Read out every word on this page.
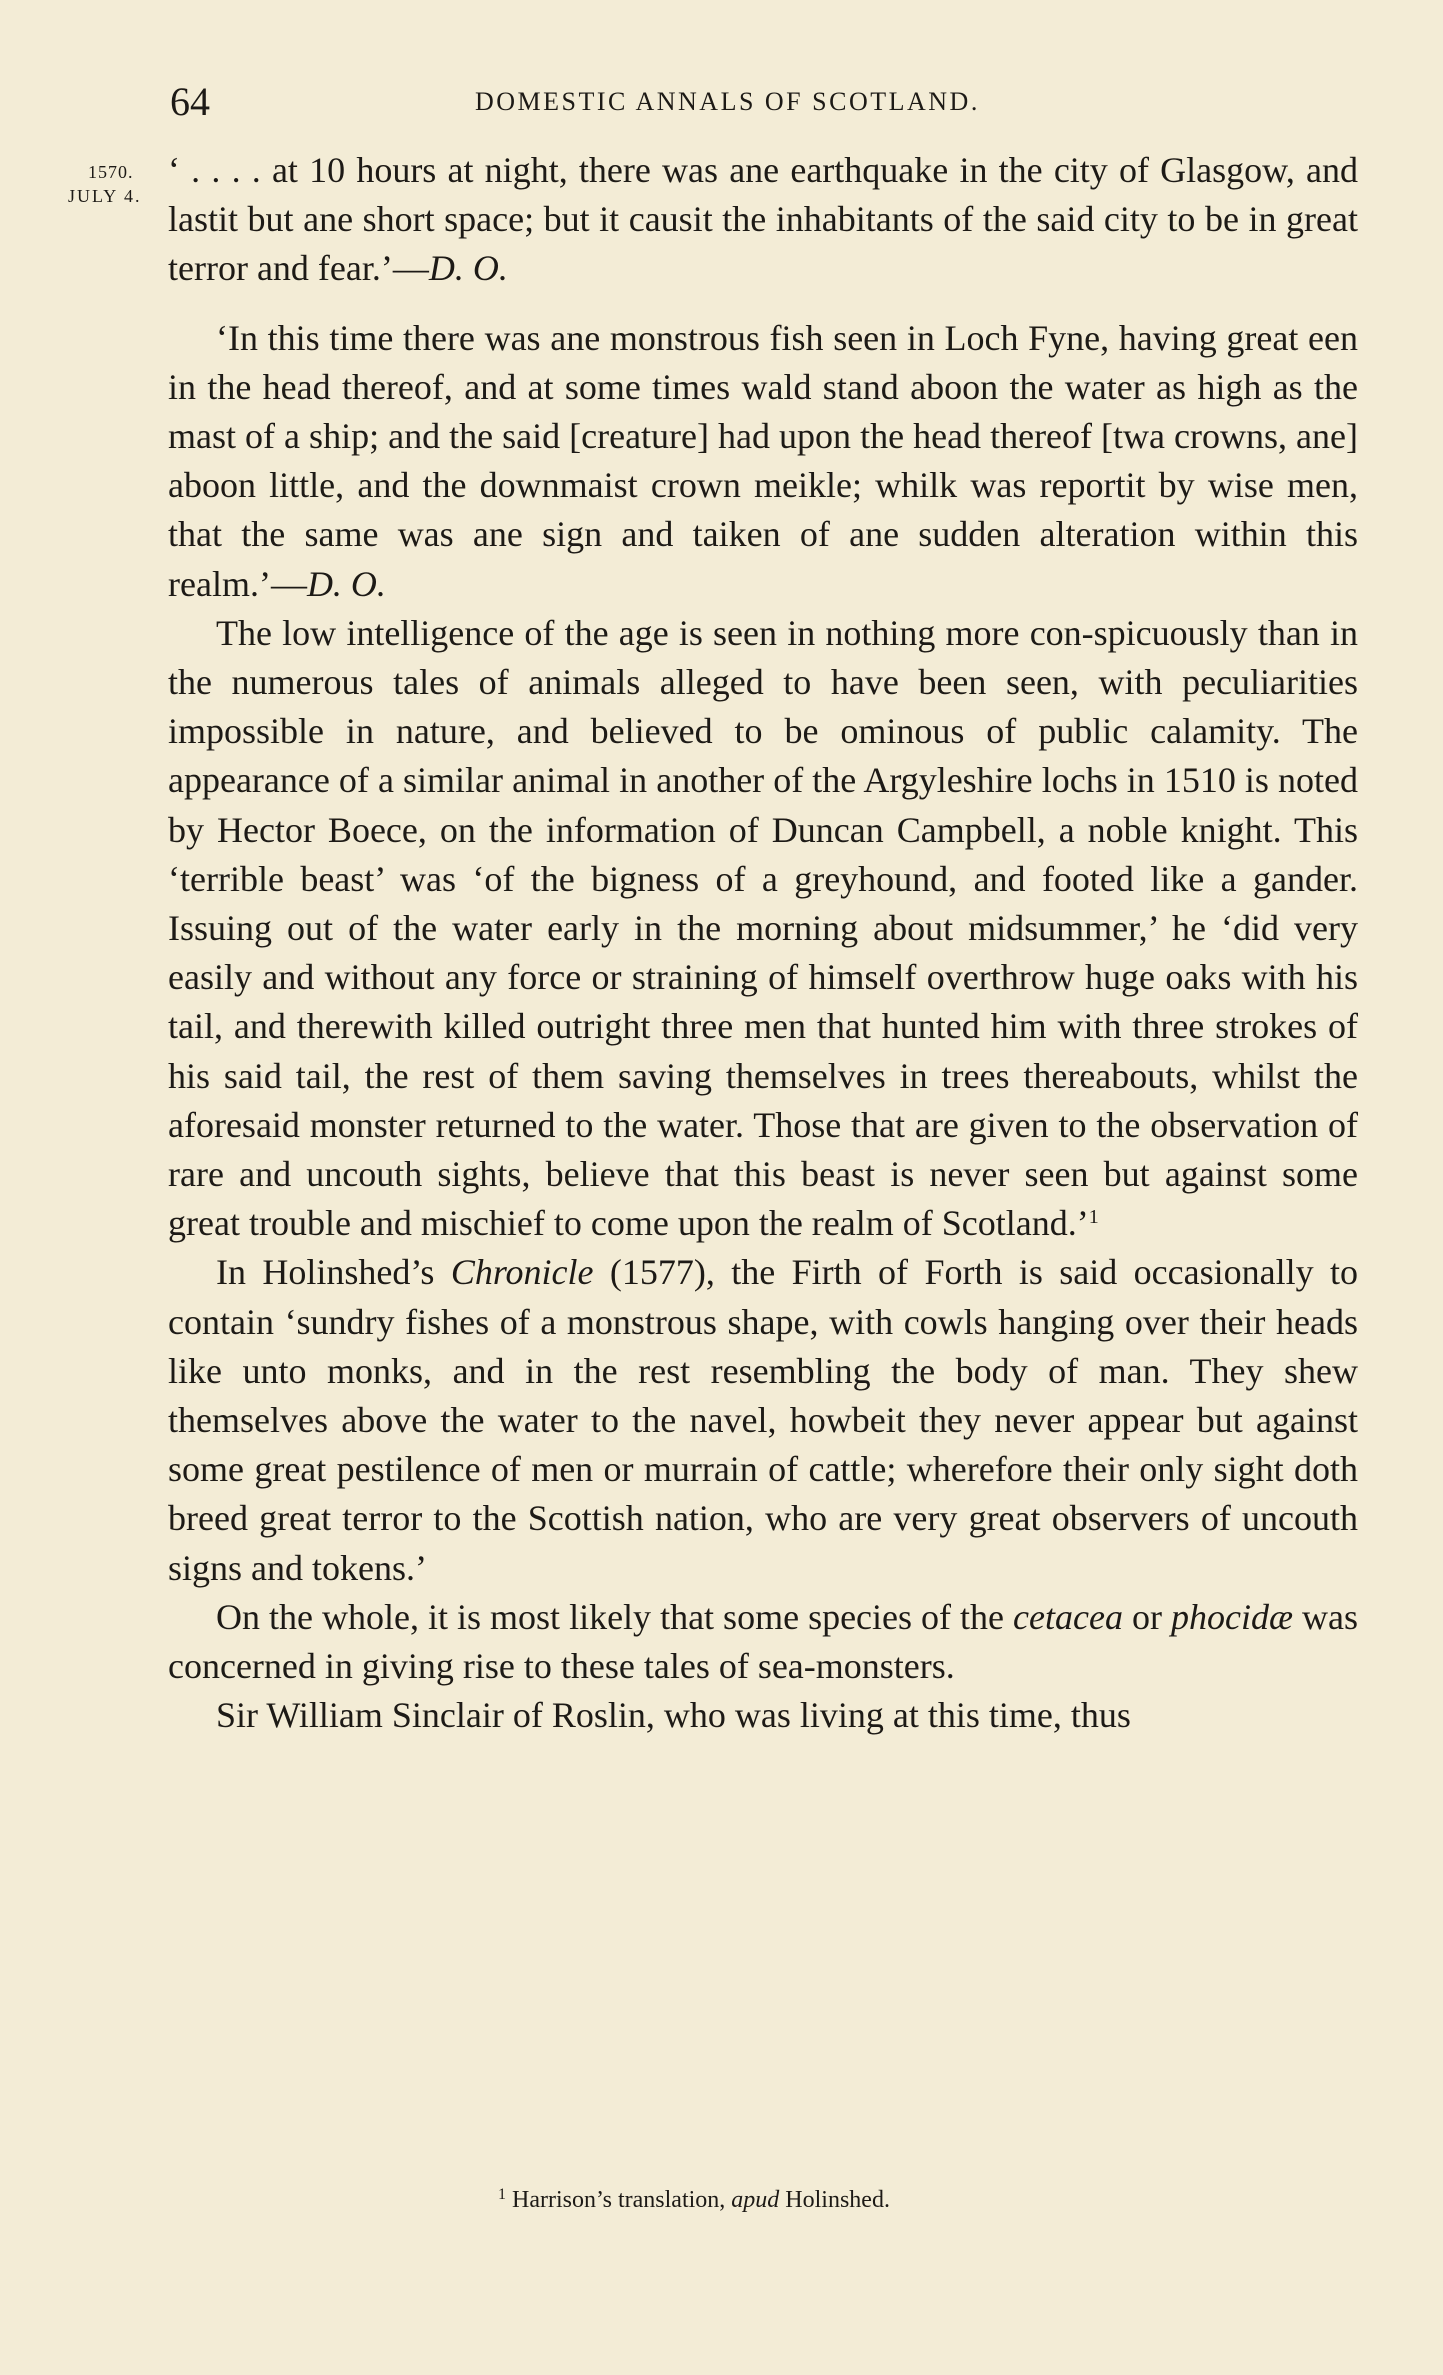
64	DOMESTIC ANNALS OF SCOTLAND.
1570.
JULY 4.

‘ . . . . at 10 hours at night, there was ane earthquake in the city of Glasgow, and lastit but ane short space; but it causit the inhabitants of the said city to be in great terror and fear.’—D. O.

‘In this time there was ane monstrous fish seen in Loch Fyne, having great een in the head thereof, and at some times wald stand aboon the water as high as the mast of a ship; and the said [creature] had upon the head thereof [twa crowns, ane] aboon little, and the downmaist crown meikle; whilk was reportit by wise men, that the same was ane sign and taiken of ane sudden alteration within this realm.’—D. O.

The low intelligence of the age is seen in nothing more con-spicuously than in the numerous tales of animals alleged to have been seen, with peculiarities impossible in nature, and believed to be ominous of public calamity. The appearance of a similar animal in another of the Argyleshire lochs in 1510 is noted by Hector Boece, on the information of Duncan Campbell, a noble knight. This ‘terrible beast’ was ‘of the bigness of a greyhound, and footed like a gander. Issuing out of the water early in the morning about midsummer,’ he ‘did very easily and without any force or straining of himself overthrow huge oaks with his tail, and therewith killed outright three men that hunted him with three strokes of his said tail, the rest of them saving themselves in trees thereabouts, whilst the aforesaid monster returned to the water. Those that are given to the observation of rare and uncouth sights, believe that this beast is never seen but against some great trouble and mischief to come upon the realm of Scotland.’$^1$

In Holinshed’s Chronicle (1577), the Firth of Forth is said occasionally to contain ‘sundry fishes of a monstrous shape, with cowls hanging over their heads like unto monks, and in the rest resembling the body of man. They shew themselves above the water to the navel, howbeit they never appear but against some great pestilence of men or murrain of cattle; wherefore their only sight doth breed great terror to the Scottish nation, who are very great observers of uncouth signs and tokens.’

On the whole, it is most likely that some species of the cetacea or phocidæ was concerned in giving rise to these tales of sea-monsters.

Sir William Sinclair of Roslin, who was living at this time, thus

$^1$ Harrison’s translation, apud Holinshed.
